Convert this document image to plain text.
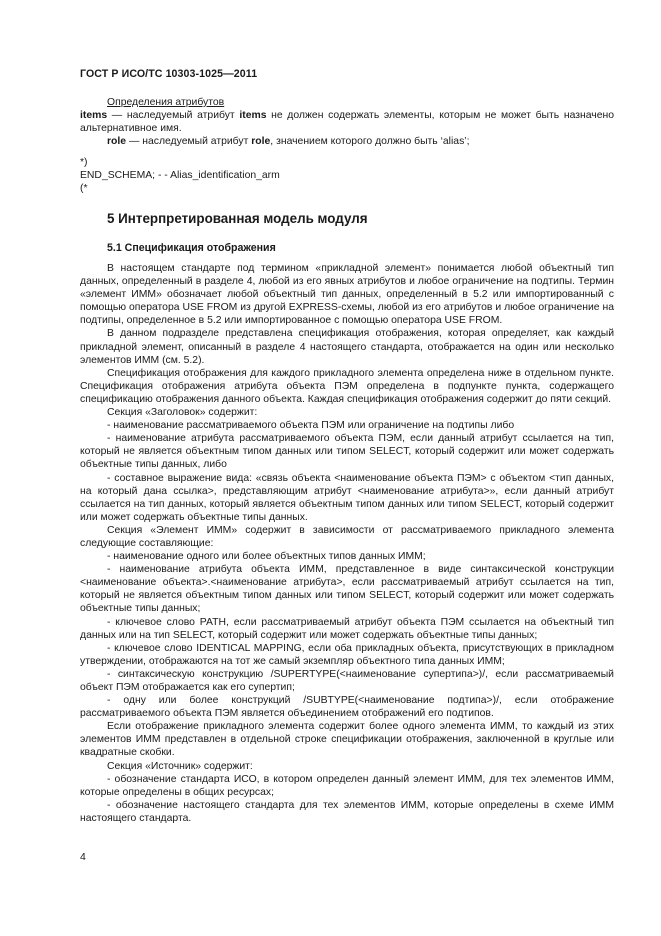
ГОСТ Р ИСО/ТС 10303-1025—2011

Определения атрибутов

items — наследуемый атрибут items не должен содержать элементы, которым не может быть назначено альтернативное имя.

role — наследуемый атрибут role, значением которого должно быть ‘alias’;

*)
END_SCHEMA; - - Alias_identification_arm
(*
5 Интерпретированная модель модуля
5.1 Спецификация отображения

В настоящем стандарте под термином «прикладной элемент» понимается любой объектный тип данных, определенный в разделе 4, любой из его явных атрибутов и любое ограничение на подтипы. Термин «элемент ИММ» обозначает любой объектный тип данных, определенный в 5.2 или импортированный с помощью оператора USE FROM из другой EXPRESS-схемы, любой из его атрибутов и любое ограничение на подтипы, определенное в 5.2 или импортированное с помощью оператора USE FROM.

В данном подразделе представлена спецификация отображения, которая определяет, как каждый прикладной элемент, описанный в разделе 4 настоящего стандарта, отображается на один или несколько элементов ИММ (см. 5.2).

Спецификация отображения для каждого прикладного элемента определена ниже в отдельном пункте. Спецификация отображения атрибута объекта ПЭМ определена в подпункте пункта, содержащего спецификацию отображения данного объекта. Каждая спецификация отображения содержит до пяти секций.

Секция «Заголовок» содержит:

- наименование рассматриваемого объекта ПЭМ или ограничение на подтипы либо

- наименование атрибута рассматриваемого объекта ПЭМ, если данный атрибут ссылается на тип, который не является объектным типом данных или типом SELECT, который содержит или может содержать объектные типы данных, либо

- составное выражение вида: «связь объекта <наименование объекта ПЭМ> с объектом <тип данных, на который дана ссылка>, представляющим атрибут <наименование атрибута>», если данный атрибут ссылается на тип данных, который является объектным типом данных или типом SELECT, который содержит или может содержать объектные типы данных.

Секция «Элемент ИММ» содержит в зависимости от рассматриваемого прикладного элемента следующие составляющие:

- наименование одного или более объектных типов данных ИММ;

- наименование атрибута объекта ИММ, представленное в виде синтаксической конструкции <наименование объекта>.<наименование атрибута>, если рассматриваемый атрибут ссылается на тип, который не является объектным типом данных или типом SELECT, который содержит или может содержать объектные типы данных;

- ключевое слово PATH, если рассматриваемый атрибут объекта ПЭМ ссылается на объектный тип данных или на тип SELECT, который содержит или может содержать объектные типы данных;

- ключевое слово IDENTICAL MAPPING, если оба прикладных объекта, присутствующих в прикладном утверждении, отображаются на тот же самый экземпляр объектного типа данных ИММ;

- синтаксическую конструкцию /SUPERTYPE(<наименование супертипа>)/, если рассматриваемый объект ПЭМ отображается как его супертип;

- одну или более конструкций /SUBTYPE(<наименование подтипа>)/, если отображение рассматриваемого объекта ПЭМ является объединением отображений его подтипов.

Если отображение прикладного элемента содержит более одного элемента ИММ, то каждый из этих элементов ИММ представлен в отдельной строке спецификации отображения, заключенной в круглые или квадратные скобки.

Секция «Источник» содержит:

- обозначение стандарта ИСО, в котором определен данный элемент ИММ, для тех элементов ИММ, которые определены в общих ресурсах;

- обозначение настоящего стандарта для тех элементов ИММ, которые определены в схеме ИММ настоящего стандарта.

4
